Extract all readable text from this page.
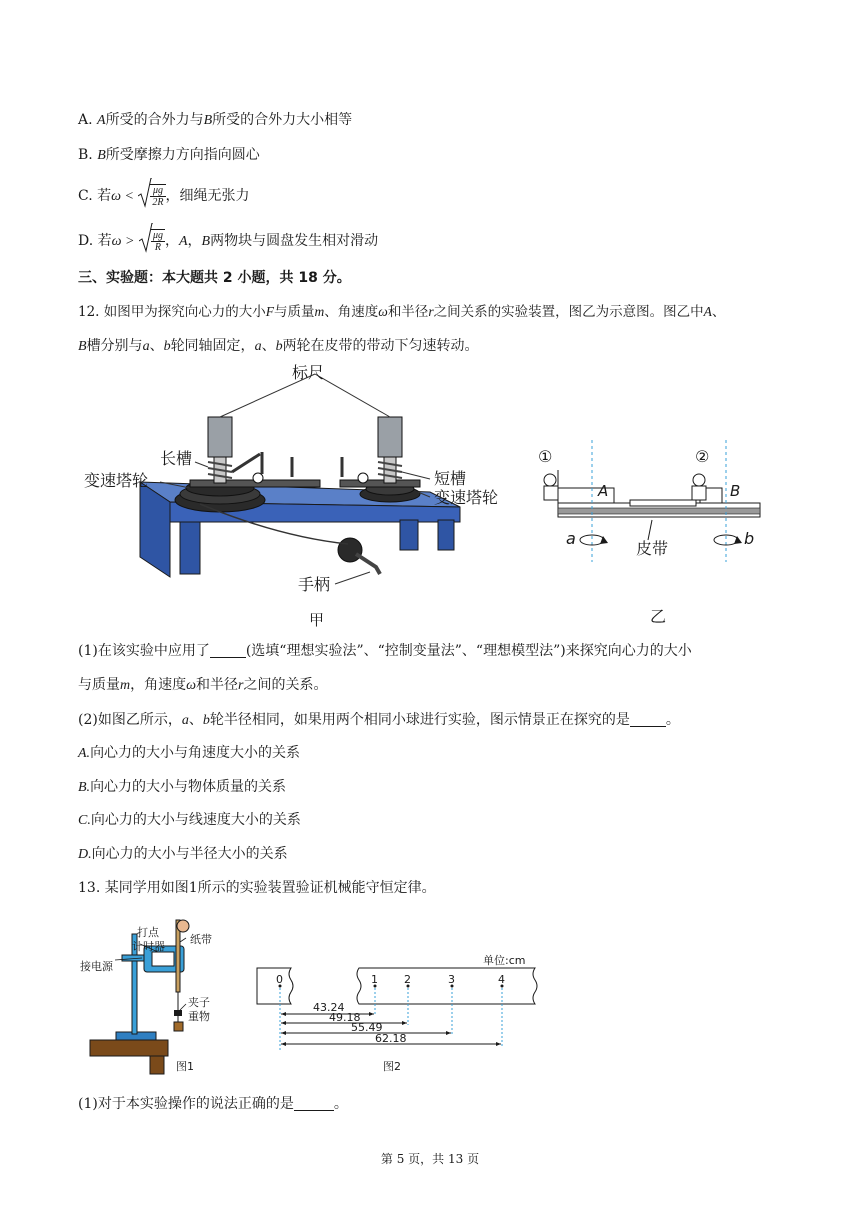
A. A所受的合外力与B所受的合外力大小相等
B. B所受摩擦力方向指向圆心
C. 若$\omega < \frac{\mu g}{2R}$ ，细绳无张力
D. 若$\omega > \frac{\mu g}{R}$ ，A，B两物块与圆盘发生相对滑动
三、实验题：本大题共 2 小题，共 18 分。
12. 如图甲为探究向心力的大小F与质量m、角速度ω和半径r之间关系的实验装置，图乙为示意图。图乙中A、
B槽分别与a、b轮同轴固定，a、b两轮在皮带的带动下匀速转动。
标尺
长槽
变速塔轮	短槽
变速塔轮
手柄
甲
①	②
A	B
a	b
皮带
乙
(1)在该实验中应用了	(选填“理想实验法”、“控制变量法”、“理想模型法”)来探究向心力的大小
与质量m，角速度ω和半径r之间的关系。
(2)如图乙所示，a、b轮半径相同，如果用两个相同小球进行实验，图示情景正在探究的是	。
A.向心力的大小与角速度大小的关系
B.向心力的大小与物体质量的关系
C.向心力的大小与线速度大小的关系
D.向心力的大小与半径大小的关系
13. 某同学用如图1所示的实验装置验证机械能守恒定律。
打点
计时器
纸带
接电源
夹子
重物
图1
单位:cm
0	1 2	3	4
43.24
49.18
55.49
62.18
图2
(1)对于本实验操作的说法正确的是	。
第 5 页，共 13 页
